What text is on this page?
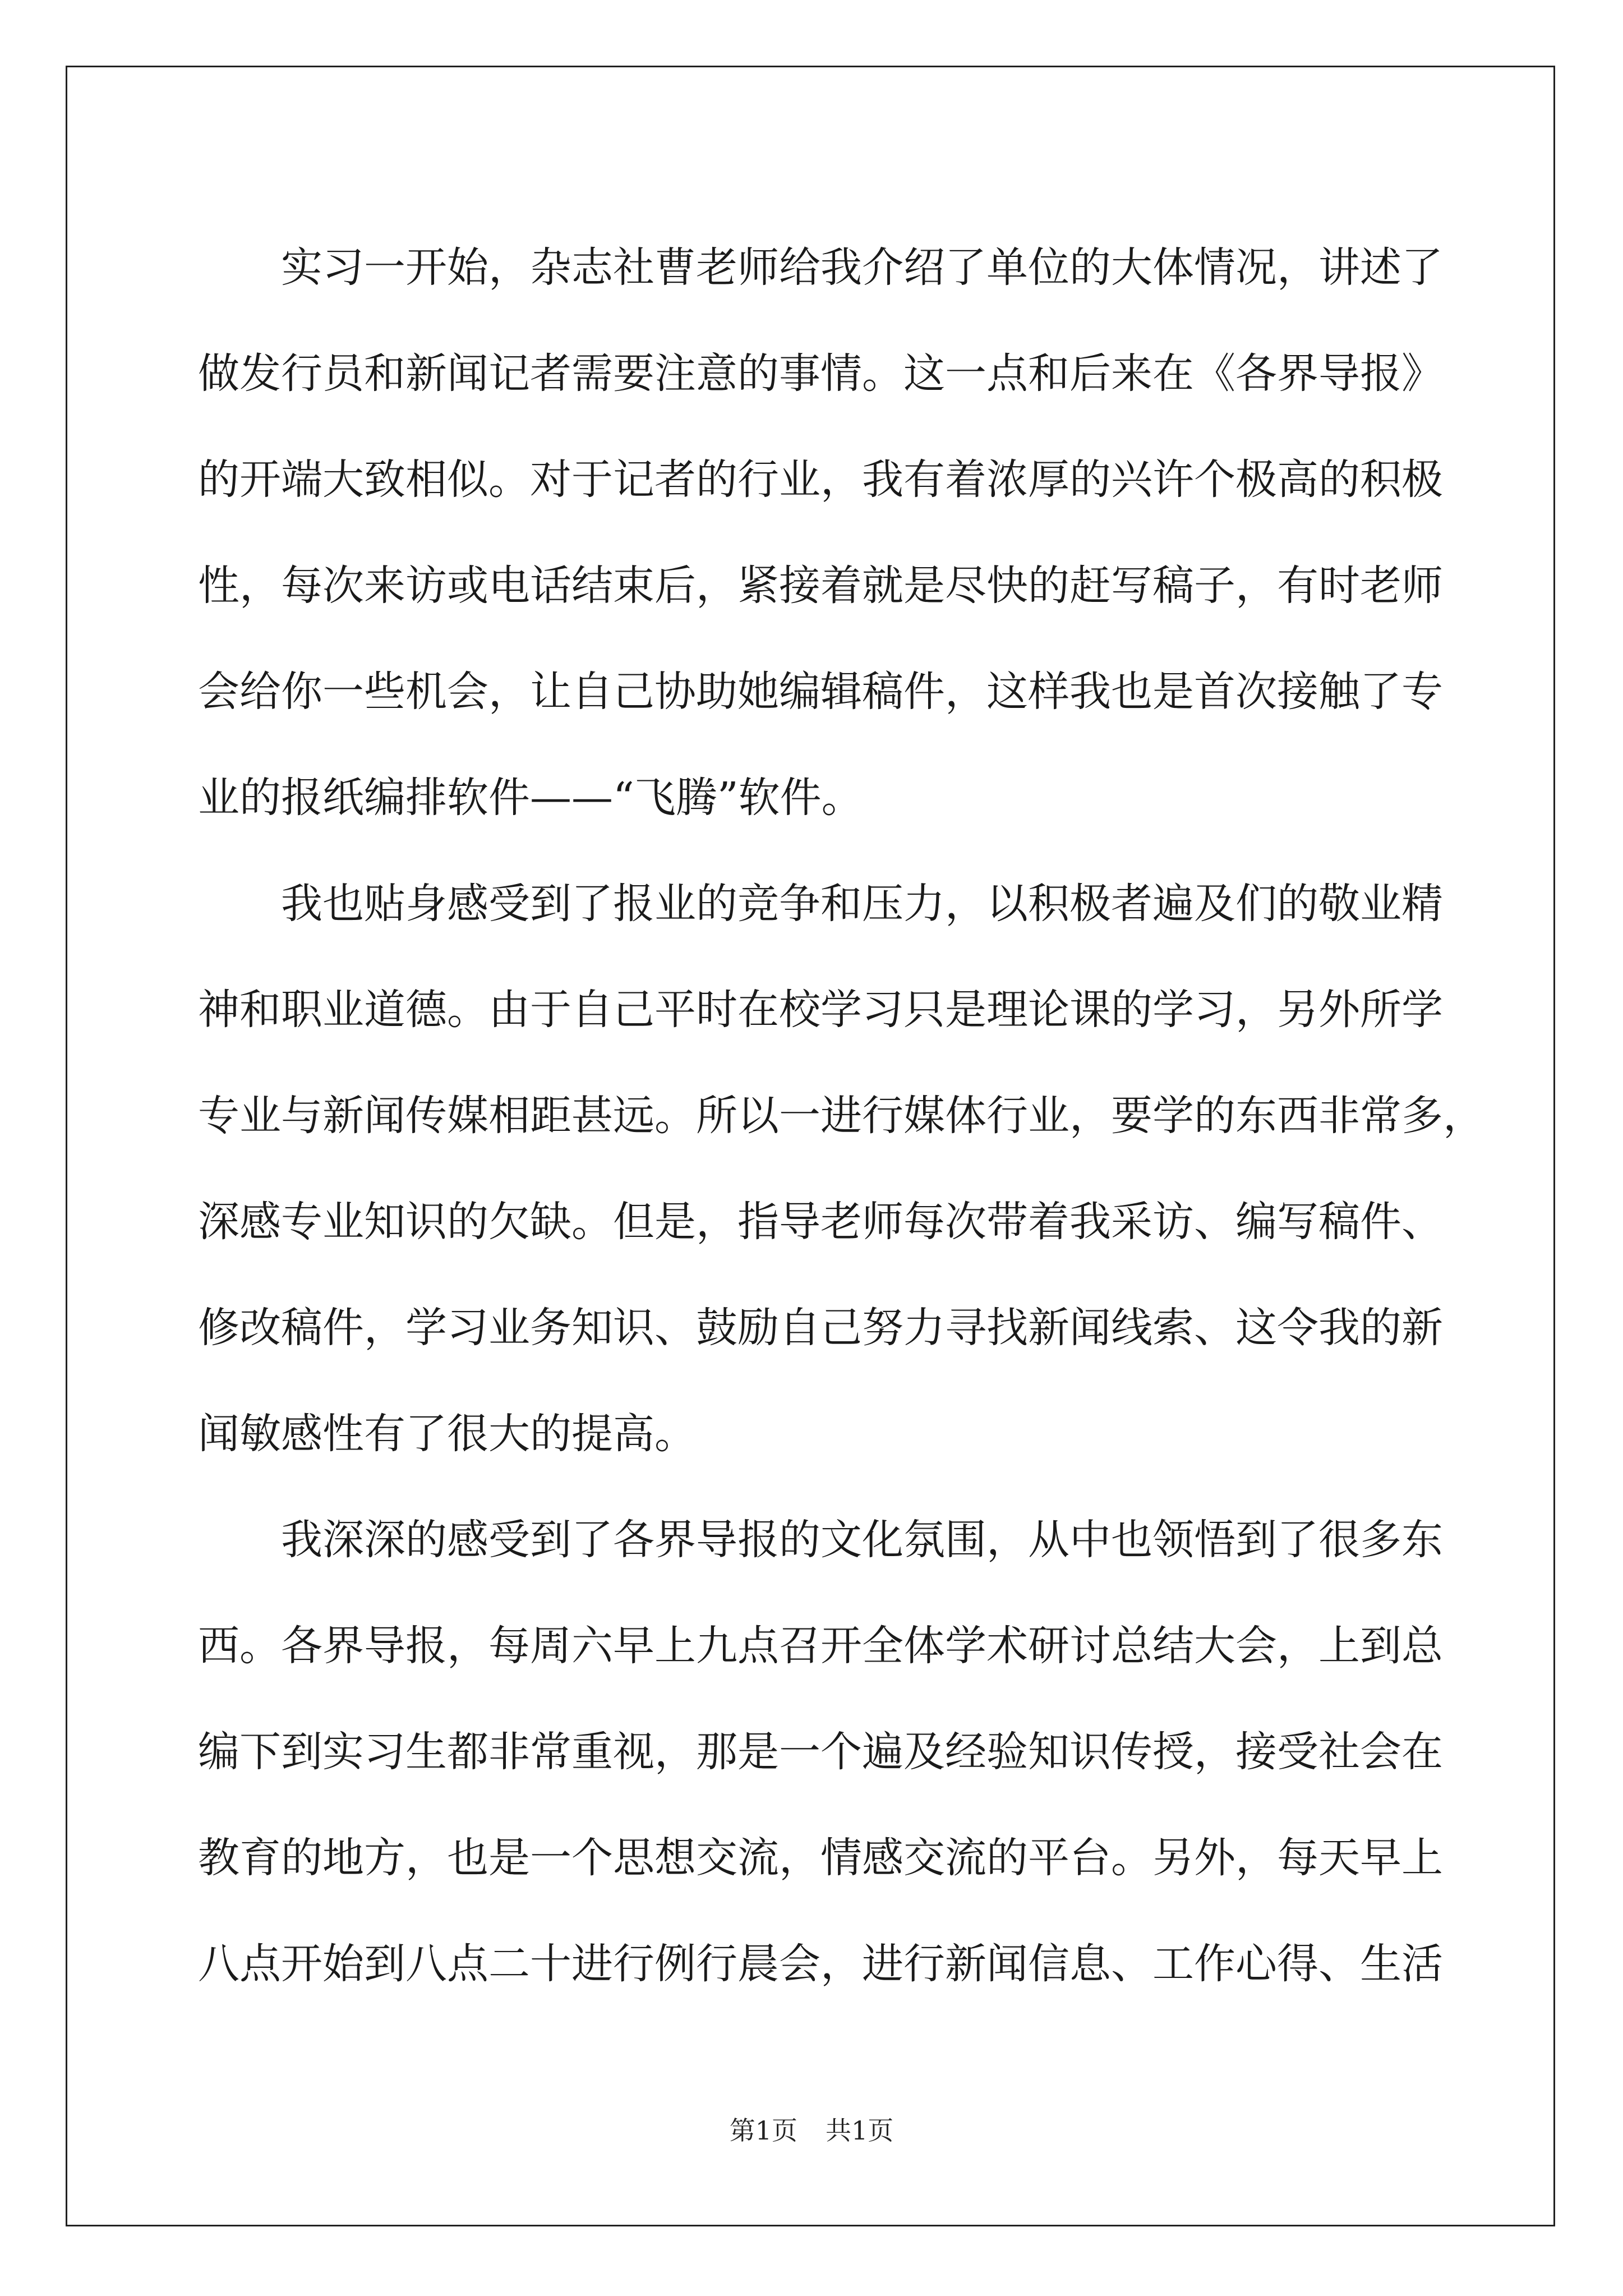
实习一开始，杂志社曹老师给我介绍了单位的大体情况，讲述了
做发行员和新闻记者需要注意的事情。这一点和后来在《各界导报》
的开端大致相似。对于记者的行业，我有着浓厚的兴许个极高的积极
性，每次来访或电话结束后，紧接着就是尽快的赶写稿子，有时老师
会给你一些机会，让自己协助她编辑稿件，这样我也是首次接触了专
业的报纸编排软件——“飞腾”软件。
我也贴身感受到了报业的竞争和压力，以积极者遍及们的敬业精
神和职业道德。由于自己平时在校学习只是理论课的学习，另外所学
专业与新闻传媒相距甚远。所以一进行媒体行业，要学的东西非常多，
深感专业知识的欠缺。但是，指导老师每次带着我采访、编写稿件、
修改稿件，学习业务知识、鼓励自己努力寻找新闻线索、这令我的新
闻敏感性有了很大的提高。
我深深的感受到了各界导报的文化氛围，从中也领悟到了很多东
西。各界导报，每周六早上九点召开全体学术研讨总结大会，上到总
编下到实习生都非常重视，那是一个遍及经验知识传授，接受社会在
教育的地方，也是一个思想交流，情感交流的平台。另外，每天早上
八点开始到八点二十进行例行晨会，进行新闻信息、工作心得、生活
第1页 共1页
